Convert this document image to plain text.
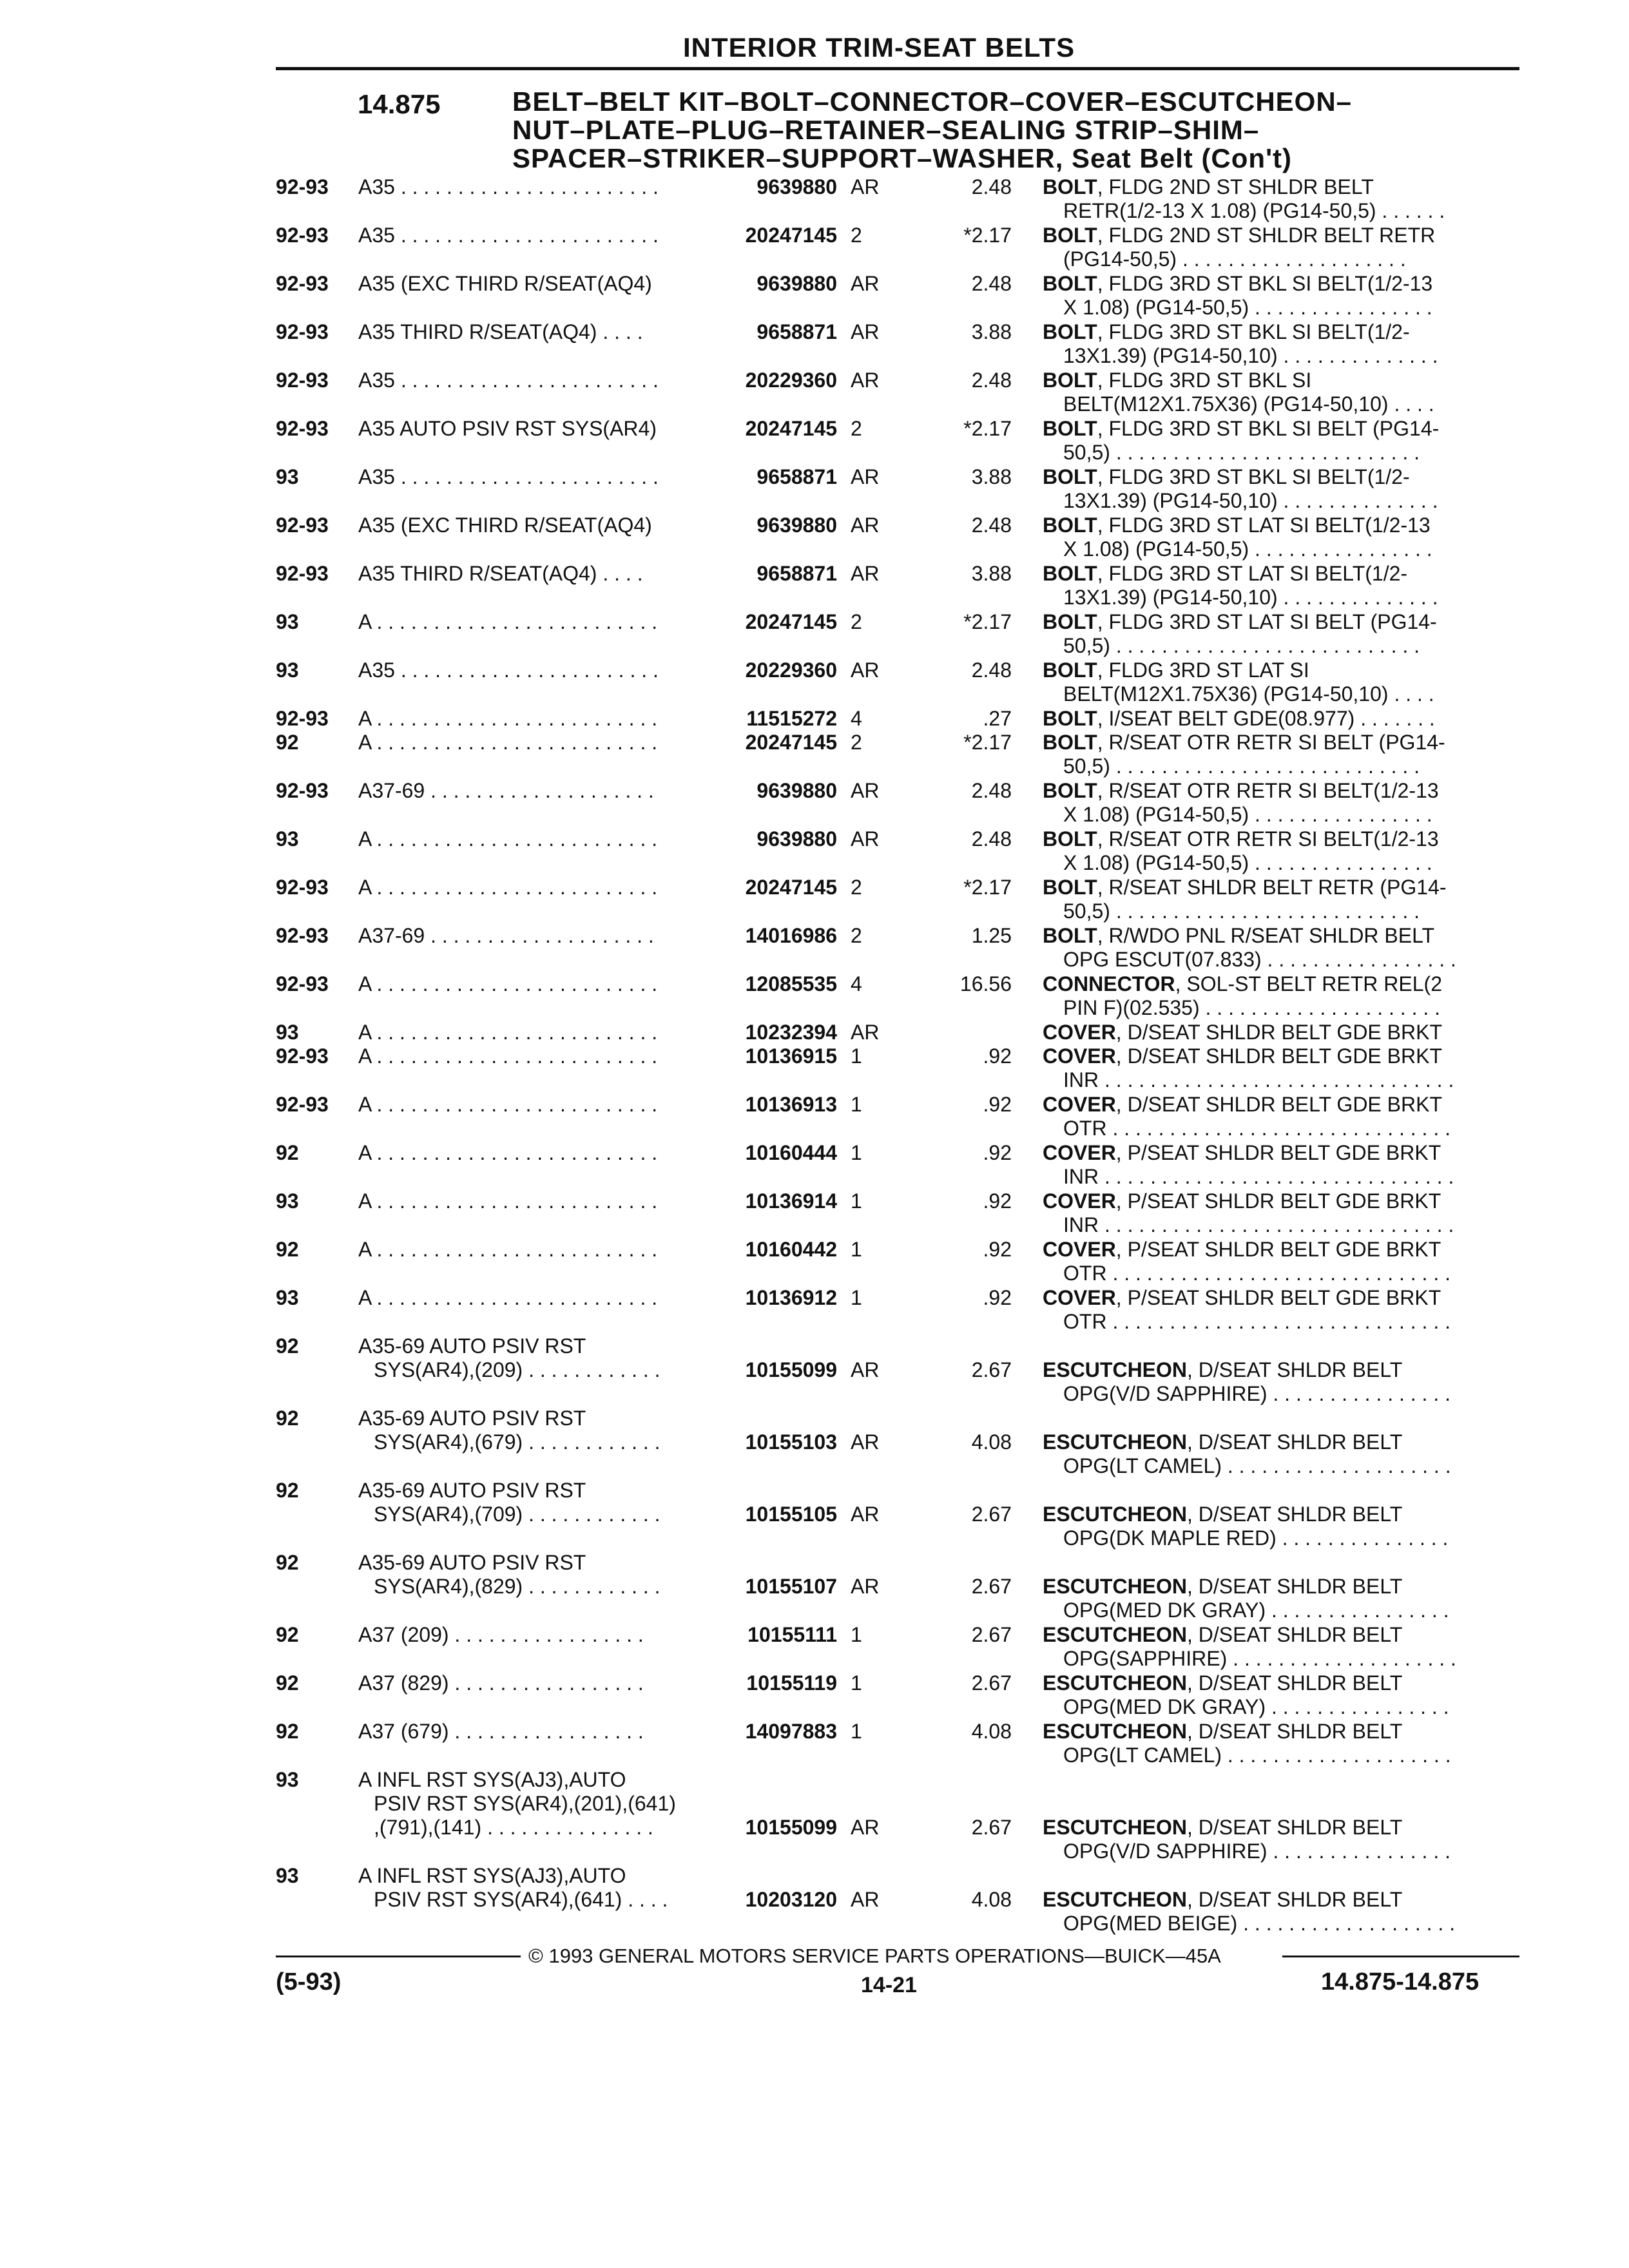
INTERIOR TRIM-SEAT BELTS
14.875	BELT–BELT KIT–BOLT–CONNECTOR–COVER–ESCUTCHEON–
NUT–PLATE–PLUG–RETAINER–SEALING STRIP–SHIM–
SPACER–STRIKER–SUPPORT–WASHER, Seat Belt (Con't)
92-93 A35 . . . . . . . . . . . . . . . . . . . . . . .	9639880 AR	2.48 BOLT, FLDG 2ND ST SHLDR BELT
RETR(1/2-13 X 1.08) (PG14-50,5) . . . . . .
92-93 A35 . . . . . . . . . . . . . . . . . . . . . . .	20247145 2	*2.17 BOLT, FLDG 2ND ST SHLDR BELT RETR
(PG14-50,5) . . . . . . . . . . . . . . . . . . . .
92-93 A35 (EXC THIRD R/SEAT(AQ4)	9639880 AR	2.48 BOLT, FLDG 3RD ST BKL SI BELT(1/2-13
X 1.08) (PG14-50,5) . . . . . . . . . . . . . . . .
92-93 A35 THIRD R/SEAT(AQ4) . . . .	9658871 AR	3.88 BOLT, FLDG 3RD ST BKL SI BELT(1/2-
13X1.39) (PG14-50,10) . . . . . . . . . . . . . .
92-93 A35 . . . . . . . . . . . . . . . . . . . . . . .	20229360 AR	2.48 BOLT, FLDG 3RD ST BKL SI
BELT(M12X1.75X36) (PG14-50,10) . . . .
92-93 A35 AUTO PSIV RST SYS(AR4)	20247145 2	*2.17 BOLT, FLDG 3RD ST BKL SI BELT (PG14-
50,5) . . . . . . . . . . . . . . . . . . . . . . . . . . .
93	A35 . . . . . . . . . . . . . . . . . . . . . . .	9658871 AR	3.88 BOLT, FLDG 3RD ST BKL SI BELT(1/2-
13X1.39) (PG14-50,10) . . . . . . . . . . . . . .
92-93 A35 (EXC THIRD R/SEAT(AQ4)	9639880 AR	2.48 BOLT, FLDG 3RD ST LAT SI BELT(1/2-13
X 1.08) (PG14-50,5) . . . . . . . . . . . . . . . .
92-93 A35 THIRD R/SEAT(AQ4) . . . .	9658871 AR	3.88 BOLT, FLDG 3RD ST LAT SI BELT(1/2-
13X1.39) (PG14-50,10) . . . . . . . . . . . . . .
93	A . . . . . . . . . . . . . . . . . . . . . . . . .	20247145 2	*2.17 BOLT, FLDG 3RD ST LAT SI BELT (PG14-
50,5) . . . . . . . . . . . . . . . . . . . . . . . . . . .
93	A35 . . . . . . . . . . . . . . . . . . . . . . .	20229360 AR	2.48 BOLT, FLDG 3RD ST LAT SI
BELT(M12X1.75X36) (PG14-50,10) . . . .
92-93 A . . . . . . . . . . . . . . . . . . . . . . . . .	11515272 4	.27 BOLT, I/SEAT BELT GDE(08.977) . . . . . . .
92	A . . . . . . . . . . . . . . . . . . . . . . . . .	20247145 2	*2.17 BOLT, R/SEAT OTR RETR SI BELT (PG14-
50,5) . . . . . . . . . . . . . . . . . . . . . . . . . . .
92-93 A37-69 . . . . . . . . . . . . . . . . . . . .	9639880 AR	2.48 BOLT, R/SEAT OTR RETR SI BELT(1/2-13
X 1.08) (PG14-50,5) . . . . . . . . . . . . . . . .
93	A . . . . . . . . . . . . . . . . . . . . . . . . .	9639880 AR	2.48 BOLT, R/SEAT OTR RETR SI BELT(1/2-13
X 1.08) (PG14-50,5) . . . . . . . . . . . . . . . .
92-93 A . . . . . . . . . . . . . . . . . . . . . . . . .	20247145 2	*2.17 BOLT, R/SEAT SHLDR BELT RETR (PG14-
50,5) . . . . . . . . . . . . . . . . . . . . . . . . . . .
92-93 A37-69 . . . . . . . . . . . . . . . . . . . .	14016986 2	1.25 BOLT, R/WDO PNL R/SEAT SHLDR BELT
OPG ESCUT(07.833) . . . . . . . . . . . . . . . . .
92-93 A . . . . . . . . . . . . . . . . . . . . . . . . .	12085535 4	16.56 CONNECTOR, SOL-ST BELT RETR REL(2
PIN F)(02.535) . . . . . . . . . . . . . . . . . . . . .
93	A . . . . . . . . . . . . . . . . . . . . . . . . .	10232394 AR	COVER, D/SEAT SHLDR BELT GDE BRKT
92-93 A . . . . . . . . . . . . . . . . . . . . . . . . .	10136915 1	.92 COVER, D/SEAT SHLDR BELT GDE BRKT
INR . . . . . . . . . . . . . . . . . . . . . . . . . . . . . . .
92-93 A . . . . . . . . . . . . . . . . . . . . . . . . .	10136913 1	.92 COVER, D/SEAT SHLDR BELT GDE BRKT
OTR . . . . . . . . . . . . . . . . . . . . . . . . . . . . . .
92	A . . . . . . . . . . . . . . . . . . . . . . . . .	10160444 1	.92 COVER, P/SEAT SHLDR BELT GDE BRKT
INR . . . . . . . . . . . . . . . . . . . . . . . . . . . . . . .
93	A . . . . . . . . . . . . . . . . . . . . . . . . .	10136914 1	.92 COVER, P/SEAT SHLDR BELT GDE BRKT
INR . . . . . . . . . . . . . . . . . . . . . . . . . . . . . . .
92	A . . . . . . . . . . . . . . . . . . . . . . . . .	10160442 1	.92 COVER, P/SEAT SHLDR BELT GDE BRKT
OTR . . . . . . . . . . . . . . . . . . . . . . . . . . . . . .
93	A . . . . . . . . . . . . . . . . . . . . . . . . .	10136912 1	.92 COVER, P/SEAT SHLDR BELT GDE BRKT
OTR . . . . . . . . . . . . . . . . . . . . . . . . . . . . . .
92	A35-69 AUTO PSIV RST
SYS(AR4),(209) . . . . . . . . . . . .	10155099 AR	2.67 ESCUTCHEON, D/SEAT SHLDR BELT
OPG(V/D SAPPHIRE) . . . . . . . . . . . . . . . .
92	A35-69 AUTO PSIV RST
SYS(AR4),(679) . . . . . . . . . . . .	10155103 AR	4.08 ESCUTCHEON, D/SEAT SHLDR BELT
OPG(LT CAMEL) . . . . . . . . . . . . . . . . . . . .
92	A35-69 AUTO PSIV RST
SYS(AR4),(709) . . . . . . . . . . . .	10155105 AR	2.67 ESCUTCHEON, D/SEAT SHLDR BELT
OPG(DK MAPLE RED) . . . . . . . . . . . . . . .
92	A35-69 AUTO PSIV RST
SYS(AR4),(829) . . . . . . . . . . . .	10155107 AR	2.67 ESCUTCHEON, D/SEAT SHLDR BELT
OPG(MED DK GRAY) . . . . . . . . . . . . . . . .
92	A37 (209) . . . . . . . . . . . . . . . . .	10155111 1	2.67 ESCUTCHEON, D/SEAT SHLDR BELT
OPG(SAPPHIRE) . . . . . . . . . . . . . . . . . . . .
92	A37 (829) . . . . . . . . . . . . . . . . .	10155119 1	2.67 ESCUTCHEON, D/SEAT SHLDR BELT
OPG(MED DK GRAY) . . . . . . . . . . . . . . . .
92	A37 (679) . . . . . . . . . . . . . . . . .	14097883 1	4.08 ESCUTCHEON, D/SEAT SHLDR BELT
OPG(LT CAMEL) . . . . . . . . . . . . . . . . . . . .
93	A INFL RST SYS(AJ3),AUTO
PSIV RST SYS(AR4),(201),(641)
,(791),(141) . . . . . . . . . . . . . . .	10155099 AR	2.67 ESCUTCHEON, D/SEAT SHLDR BELT
OPG(V/D SAPPHIRE) . . . . . . . . . . . . . . . .
93	A INFL RST SYS(AJ3),AUTO
PSIV RST SYS(AR4),(641) . . . .	10203120 AR	4.08 ESCUTCHEON, D/SEAT SHLDR BELT
OPG(MED BEIGE) . . . . . . . . . . . . . . . . . . .
© 1993 GENERAL MOTORS SERVICE PARTS OPERATIONS—BUICK—45A
(5-93)	14-21	14.875-14.875
